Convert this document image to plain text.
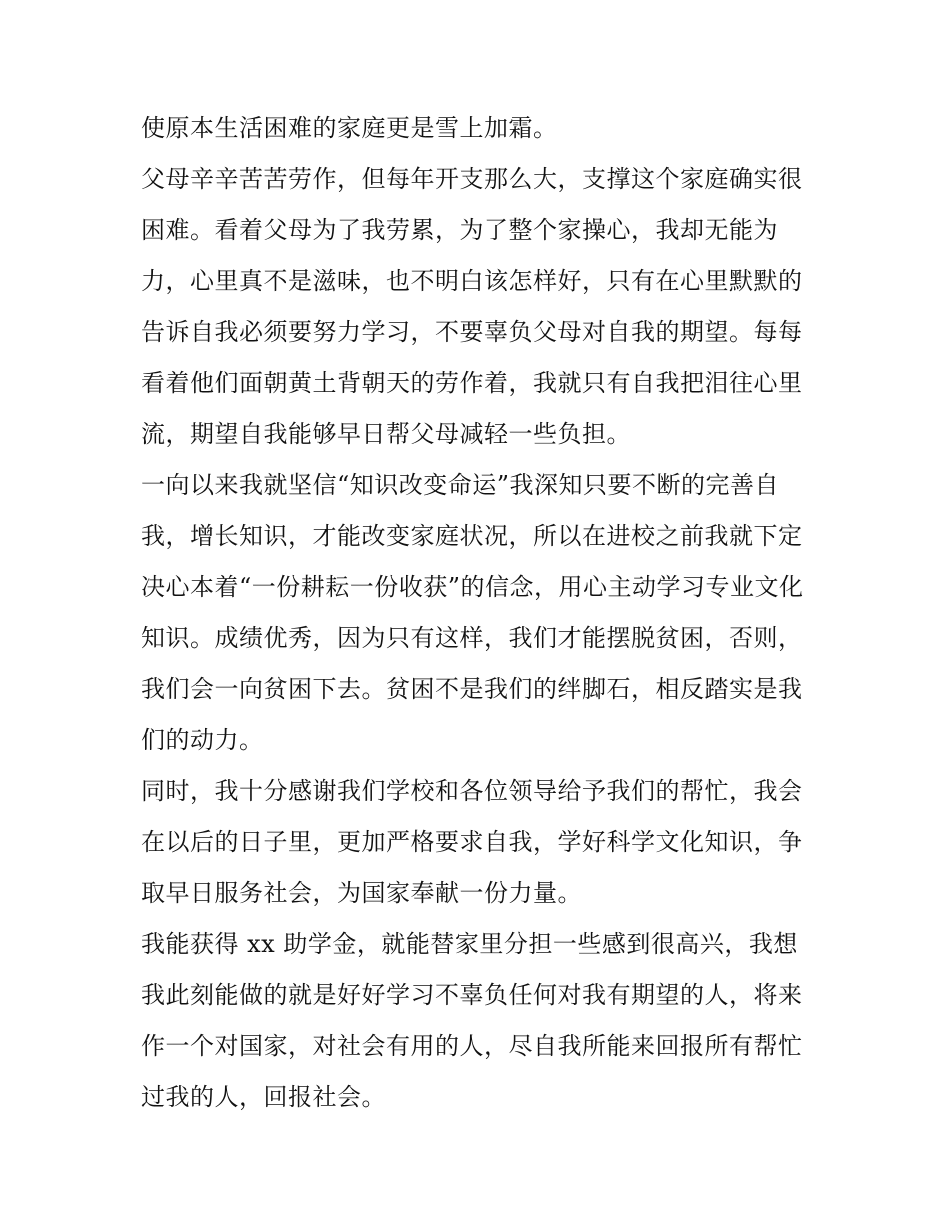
使原本生活困难的家庭更是雪上加霜。

父母辛辛苦苦劳作，但每年开支那么大，支撑这个家庭确实很
困难。看着父母为了我劳累，为了整个家操心，我却无能为
力，心里真不是滋味，也不明白该怎样好，只有在心里默默的
告诉自我必须要努力学习，不要辜负父母对自我的期望。每每
看着他们面朝黄土背朝天的劳作着，我就只有自我把泪往心里
流，期望自我能够早日帮父母减轻一些负担。

一向以来我就坚信“知识改变命运”我深知只要不断的完善自
我，增长知识，才能改变家庭状况，所以在进校之前我就下定
决心本着“一份耕耘一份收获”的信念，用心主动学习专业文化
知识。成绩优秀，因为只有这样，我们才能摆脱贫困，否则，
我们会一向贫困下去。贫困不是我们的绊脚石，相反踏实是我
们的动力。

同时，我十分感谢我们学校和各位领导给予我们的帮忙，我会
在以后的日子里，更加严格要求自我，学好科学文化知识，争
取早日服务社会，为国家奉献一份力量。

我能获得 xx 助学金，就能替家里分担一些感到很高兴，我想
我此刻能做的就是好好学习不辜负任何对我有期望的人，将来
作一个对国家，对社会有用的人，尽自我所能来回报所有帮忙
过我的人，回报社会。
